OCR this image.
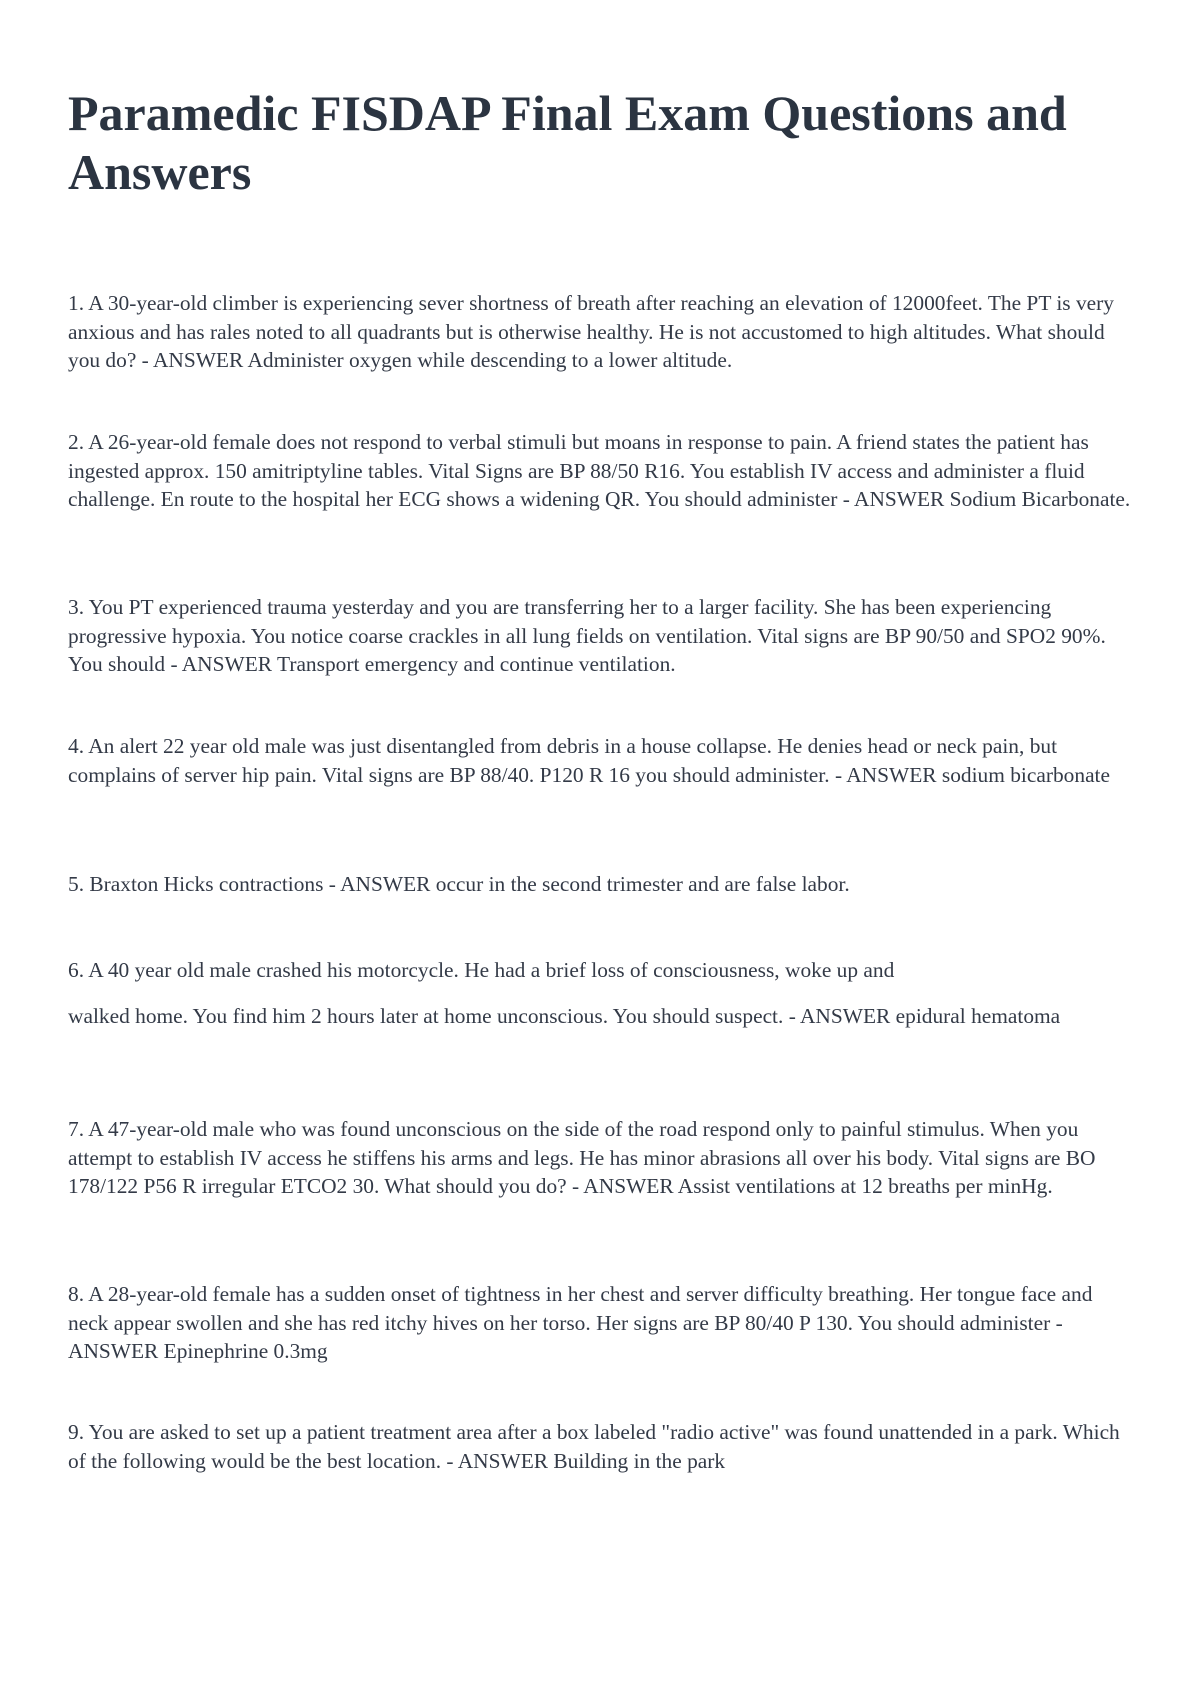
Paramedic FISDAP Final Exam Questions and Answers

1. A 30-year-old climber is experiencing sever shortness of breath after reaching an elevation of 12000feet. The PT is very anxious and has rales noted to all quadrants but is otherwise healthy. He is not accustomed to high altitudes. What should you do? - ANSWER Administer oxygen while descending to a lower altitude.

2. A 26-year-old female does not respond to verbal stimuli but moans in response to pain. A friend states the patient has ingested approx. 150 amitriptyline tables. Vital Signs are BP 88/50 R16. You establish IV access and administer a fluid challenge. En route to the hospital her ECG shows a widening QR. You should administer - ANSWER Sodium Bicarbonate.

3. You PT experienced trauma yesterday and you are transferring her to a larger facility. She has been experiencing progressive hypoxia. You notice coarse crackles in all lung fields on ventilation. Vital signs are BP 90/50 and SPO2 90%. You should - ANSWER Transport emergency and continue ventilation.

4. An alert 22 year old male was just disentangled from debris in a house collapse. He denies head or neck pain, but complains of server hip pain. Vital signs are BP 88/40. P120 R 16 you should administer. - ANSWER sodium bicarbonate

5. Braxton Hicks contractions - ANSWER occur in the second trimester and are false labor.

6. A 40 year old male crashed his motorcycle. He had a brief loss of consciousness, woke up and

walked home. You find him 2 hours later at home unconscious. You should suspect. - ANSWER epidural hematoma

7. A 47-year-old male who was found unconscious on the side of the road respond only to painful stimulus. When you attempt to establish IV access he stiffens his arms and legs. He has minor abrasions all over his body. Vital signs are BO 178/122 P56 R irregular ETCO2 30. What should you do? - ANSWER Assist ventilations at 12 breaths per minHg.

8. A 28-year-old female has a sudden onset of tightness in her chest and server difficulty breathing. Her tongue face and neck appear swollen and she has red itchy hives on her torso. Her signs are BP 80/40 P 130. You should administer - ANSWER Epinephrine 0.3mg

9. You are asked to set up a patient treatment area after a box labeled "radio active" was found unattended in a park. Which of the following would be the best location. - ANSWER Building in the park
